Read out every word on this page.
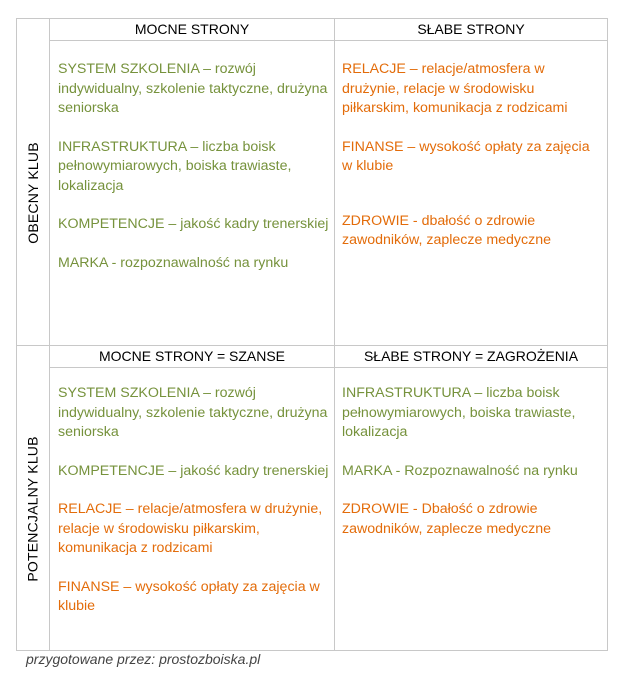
OBECNY KLUB
MOCNE STRONY	SŁABE STRONY

SYSTEM SZKOLENIA – rozwój indywidualny, szkolenie taktyczne, drużyna seniorska

INFRASTRUKTURA – liczba boisk pełnowymiarowych, boiska trawiaste, lokalizacja

KOMPETENCJE – jakość kadry trenerskiej

MARKA - rozpoznawalność na rynku

RELACJE – relacje/atmosfera w drużynie, relacje w środowisku piłkarskim, komunikacja z rodzicami

FINANSE – wysokość opłaty za zajęcia w klubie

ZDROWIE - dbałość o zdrowie zawodników, zaplecze medyczne

POTENCJALNY KLUB
MOCNE STRONY = SZANSE	SŁABE STRONY = ZAGROŻENIA

SYSTEM SZKOLENIA – rozwój indywidualny, szkolenie taktyczne, drużyna seniorska

KOMPETENCJE – jakość kadry trenerskiej

RELACJE – relacje/atmosfera w drużynie, relacje w środowisku piłkarskim, komunikacja z rodzicami

FINANSE – wysokość opłaty za zajęcia w klubie

INFRASTRUKTURA – liczba boisk pełnowymiarowych, boiska trawiaste, lokalizacja

MARKA - Rozpoznawalność na rynku

ZDROWIE - Dbałość o zdrowie zawodników, zaplecze medyczne

przygotowane przez: prostozboiska.pl
